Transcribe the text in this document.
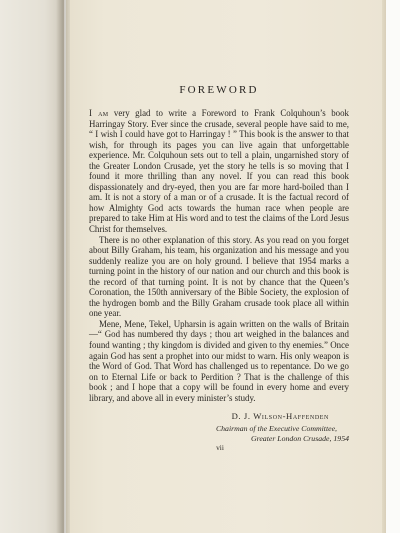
FOREWORD

I am very glad to write a Foreword to Frank Colquhoun’s book Harringay Story. Ever since the crusade, several people have said to me, “ I wish I could have got to Harringay ! ” This book is the answer to that wish, for through its pages you can live again that unforgettable experience. Mr. Colquhoun sets out to tell a plain, ungarnished story of the Greater London Crusade, yet the story he tells is so moving that I found it more thrilling than any novel. If you can read this book dispassionately and dry-eyed, then you are far more hard-boiled than I am. It is not a story of a man or of a crusade. It is the factual record of how Almighty God acts towards the human race when people are prepared to take Him at His word and to test the claims of the Lord Jesus Christ for themselves.

There is no other explanation of this story. As you read on you forget about Billy Graham, his team, his organization and his message and you suddenly realize you are on holy ground. I believe that 1954 marks a turning point in the history of our nation and our church and this book is the record of that turning point. It is not by chance that the Queen’s Coronation, the 150th anniversary of the Bible Society, the explosion of the hydrogen bomb and the Billy Graham crusade took place all within one year.

Mene, Mene, Tekel, Upharsin is again written on the walls of Britain—“ God has numbered thy days ; thou art weighed in the balances and found wanting ; thy kingdom is divided and given to thy enemies.” Once again God has sent a prophet into our midst to warn. His only weapon is the Word of God. That Word has challenged us to repentance. Do we go on to Eternal Life or back to Perdition ? That is the challenge of this book ; and I hope that a copy will be found in every home and every library, and above all in every minister’s study.

D. J. Wilson-Haffenden
Chairman of the Executive Committee,
Greater London Crusade, 1954
vii
